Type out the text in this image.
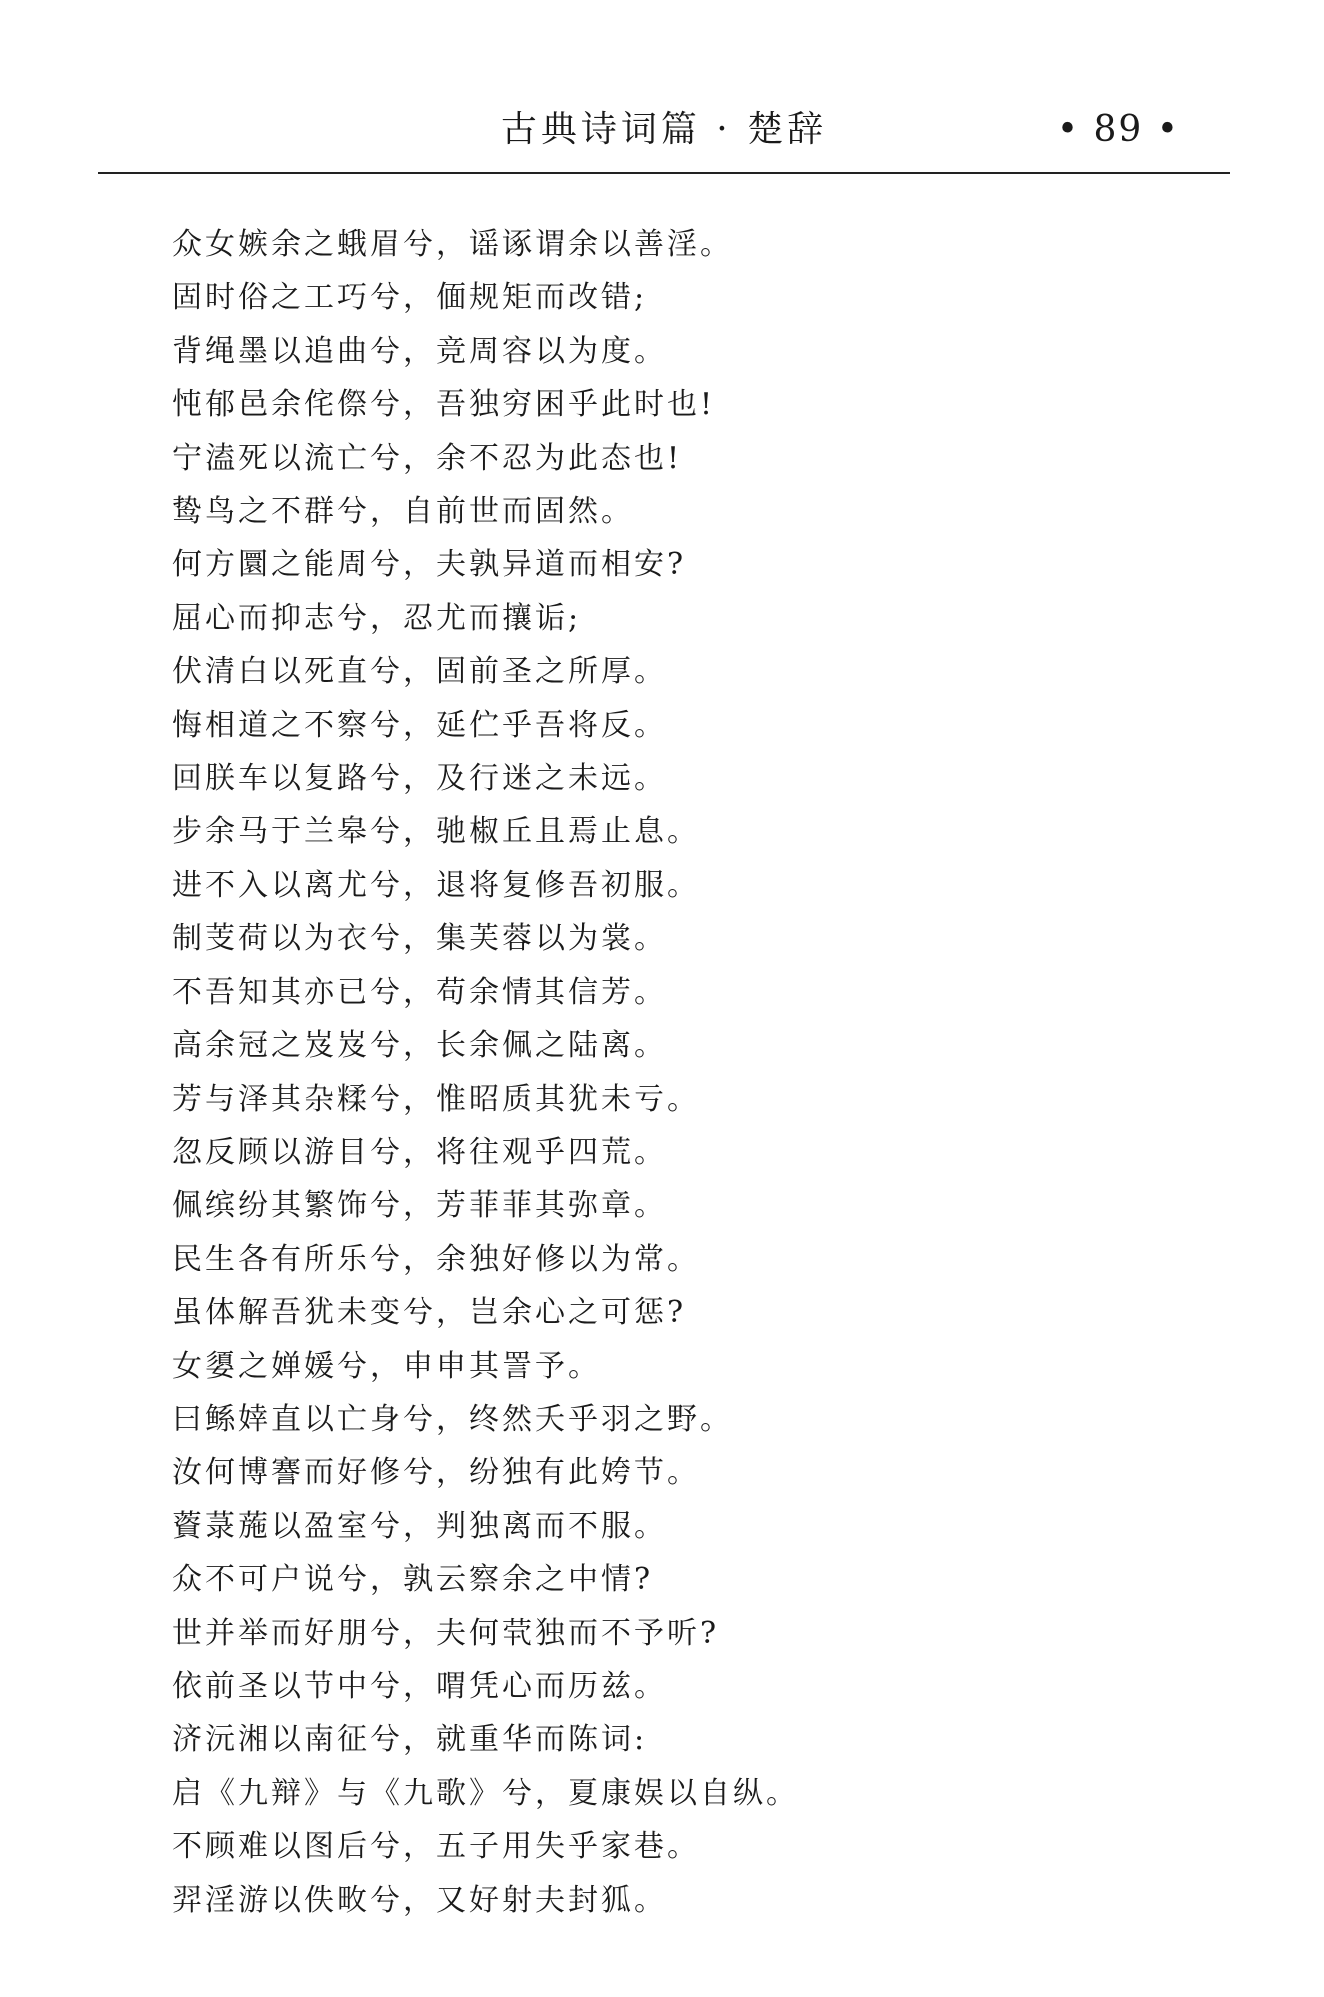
古典诗词篇 · 楚辞	• 89 •
众女嫉余之蛾眉兮，谣诼谓余以善淫。
固时俗之工巧兮，偭规矩而改错;
背绳墨以追曲兮，竞周容以为度。
忳郁邑余侘傺兮，吾独穷困乎此时也!
宁溘死以流亡兮，余不忍为此态也!
鸷鸟之不群兮，自前世而固然。
何方圜之能周兮，夫孰异道而相安?
屈心而抑志兮，忍尤而攘诟;
伏清白以死直兮，固前圣之所厚。
悔相道之不察兮，延伫乎吾将反。
回朕车以复路兮，及行迷之未远。
步余马于兰皋兮，驰椒丘且焉止息。
进不入以离尤兮，退将复修吾初服。
制芰荷以为衣兮，集芙蓉以为裳。
不吾知其亦已兮，苟余情其信芳。
高余冠之岌岌兮，长余佩之陆离。
芳与泽其杂糅兮，惟昭质其犹未亏。
忽反顾以游目兮，将往观乎四荒。
佩缤纷其繁饰兮，芳菲菲其弥章。
民生各有所乐兮，余独好修以为常。
虽体解吾犹未变兮，岂余心之可惩?
女嬃之婵媛兮，申申其詈予。
曰鲧婞直以亡身兮，终然夭乎羽之野。
汝何博謇而好修兮，纷独有此姱节。
薋菉葹以盈室兮，判独离而不服。
众不可户说兮，孰云察余之中情?
世并举而好朋兮，夫何茕独而不予听?
依前圣以节中兮，喟凭心而历兹。
济沅湘以南征兮，就重华而陈词:
启《九辩》与《九歌》兮，夏康娱以自纵。
不顾难以图后兮，五子用失乎家巷。
羿淫游以佚畋兮，又好射夫封狐。
